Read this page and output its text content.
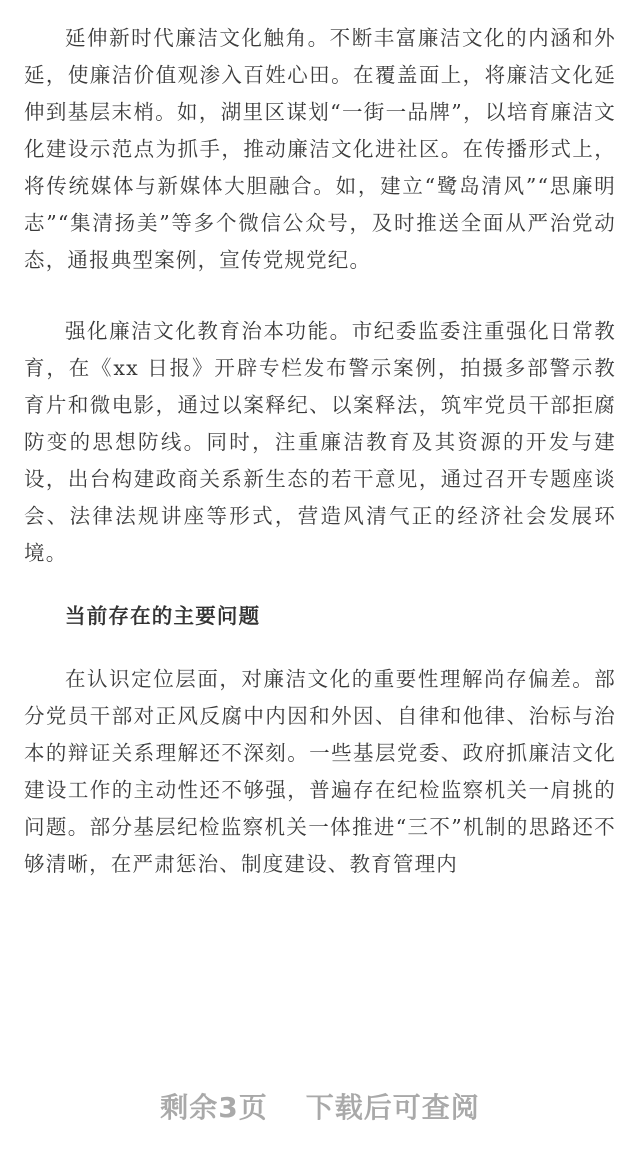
延伸新时代廉洁文化触角。不断丰富廉洁文化的内涵和外延，使廉洁价值观渗入百姓心田。在覆盖面上，将廉洁文化延伸到基层末梢。如，湖里区谋划“一街一品牌”，以培育廉洁文化建设示范点为抓手，推动廉洁文化进社区。在传播形式上，将传统媒体与新媒体大胆融合。如，建立“鹭岛清风”“思廉明志”“集清扬美”等多个微信公众号，及时推送全面从严治党动态，通报典型案例，宣传党规党纪。

强化廉洁文化教育治本功能。市纪委监委注重强化日常教育，在《xx 日报》开辟专栏发布警示案例，拍摄多部警示教育片和微电影，通过以案释纪、以案释法，筑牢党员干部拒腐防变的思想防线。同时，注重廉洁教育及其资源的开发与建设，出台构建政商关系新生态的若干意见，通过召开专题座谈会、法律法规讲座等形式，营造风清气正的经济社会发展环境。

当前存在的主要问题

在认识定位层面，对廉洁文化的重要性理解尚存偏差。部分党员干部对正风反腐中内因和外因、自律和他律、治标与治本的辩证关系理解还不深刻。一些基层党委、政府抓廉洁文化建设工作的主动性还不够强，普遍存在纪检监察机关一肩挑的问题。部分基层纪检监察机关一体推进“三不”机制的思路还不够清晰，在严肃惩治、制度建设、教育管理内

剩余3页 下载后可查阅
